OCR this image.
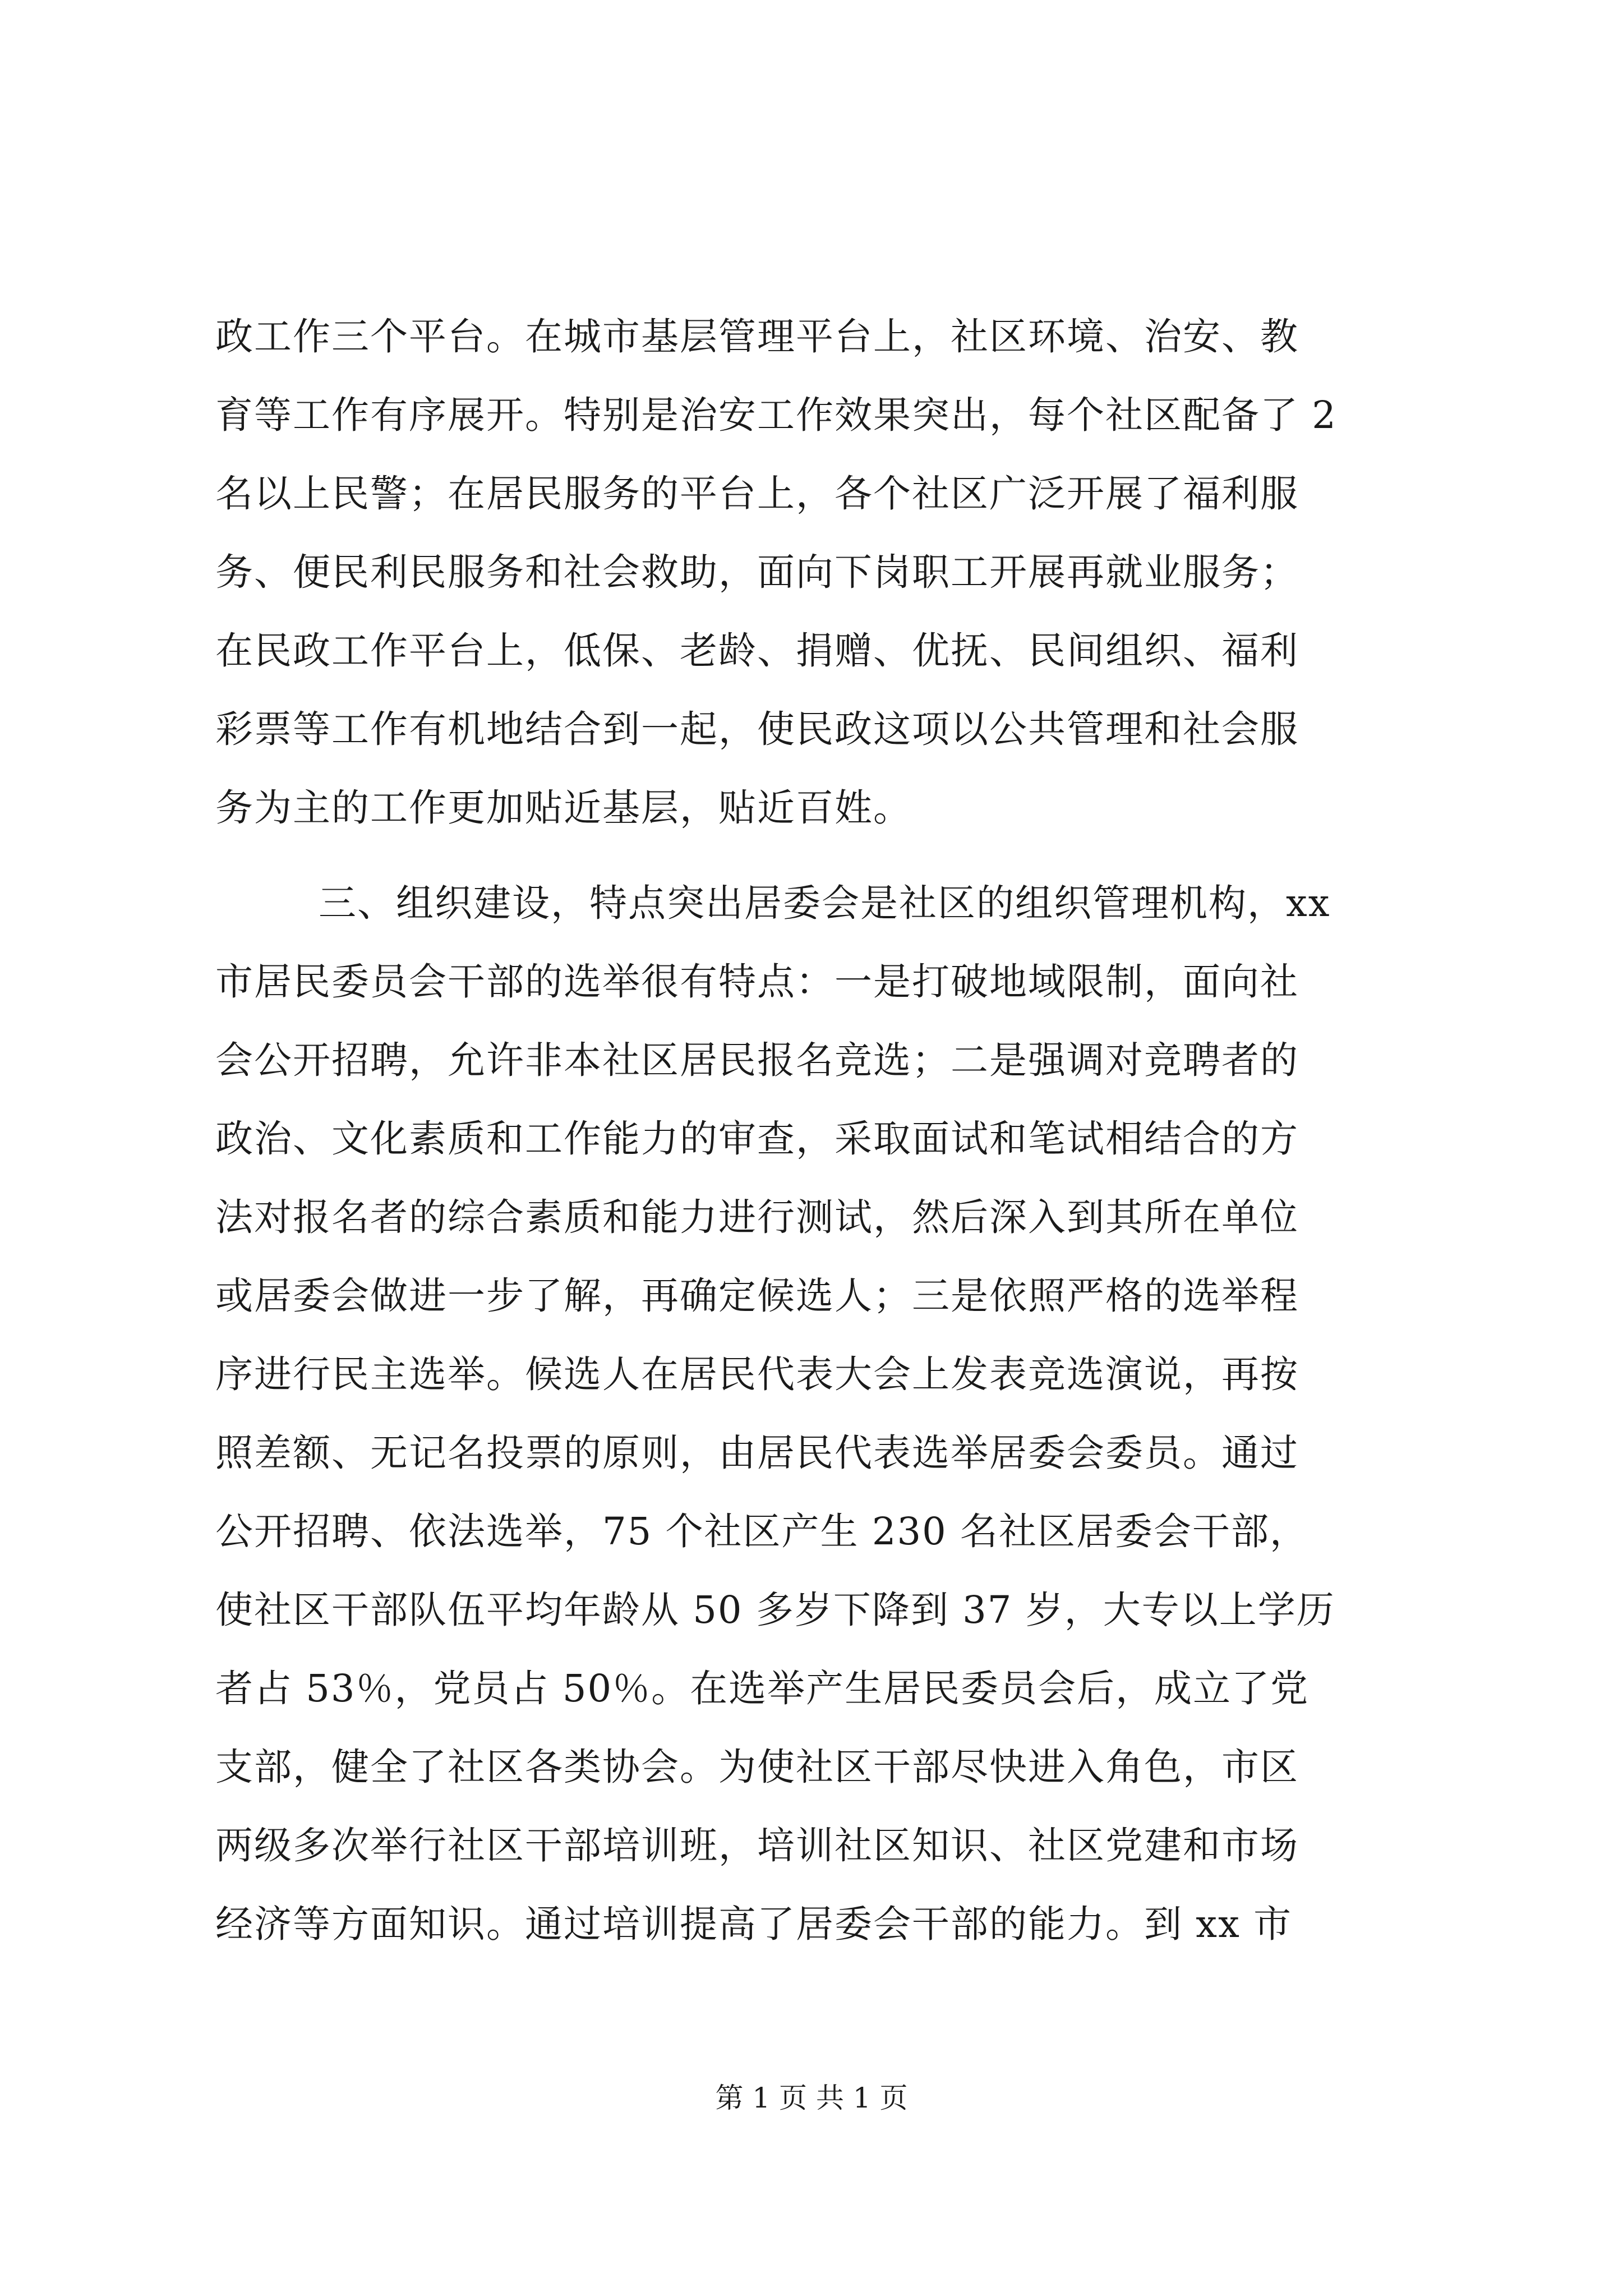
政工作三个平台。在城市基层管理平台上，社区环境、治安、教
育等工作有序展开。特别是治安工作效果突出，每个社区配备了 2
名以上民警；在居民服务的平台上，各个社区广泛开展了福利服
务、便民利民服务和社会救助，面向下岗职工开展再就业服务；
在民政工作平台上，低保、老龄、捐赠、优抚、民间组织、福利
彩票等工作有机地结合到一起，使民政这项以公共管理和社会服
务为主的工作更加贴近基层，贴近百姓。
三、组织建设，特点突出居委会是社区的组织管理机构，xx
市居民委员会干部的选举很有特点：一是打破地域限制，面向社
会公开招聘，允许非本社区居民报名竞选；二是强调对竞聘者的
政治、文化素质和工作能力的审查，采取面试和笔试相结合的方
法对报名者的综合素质和能力进行测试，然后深入到其所在单位
或居委会做进一步了解，再确定候选人；三是依照严格的选举程
序进行民主选举。候选人在居民代表大会上发表竞选演说，再按
照差额、无记名投票的原则，由居民代表选举居委会委员。通过
公开招聘、依法选举，75 个社区产生 230 名社区居委会干部，
使社区干部队伍平均年龄从 50 多岁下降到 37 岁，大专以上学历
者占 53％，党员占 50％。在选举产生居民委员会后，成立了党
支部，健全了社区各类协会。为使社区干部尽快进入角色，市区
两级多次举行社区干部培训班，培训社区知识、社区党建和市场
经济等方面知识。通过培训提高了居委会干部的能力。到 xx 市
第 1 页 共 1 页
